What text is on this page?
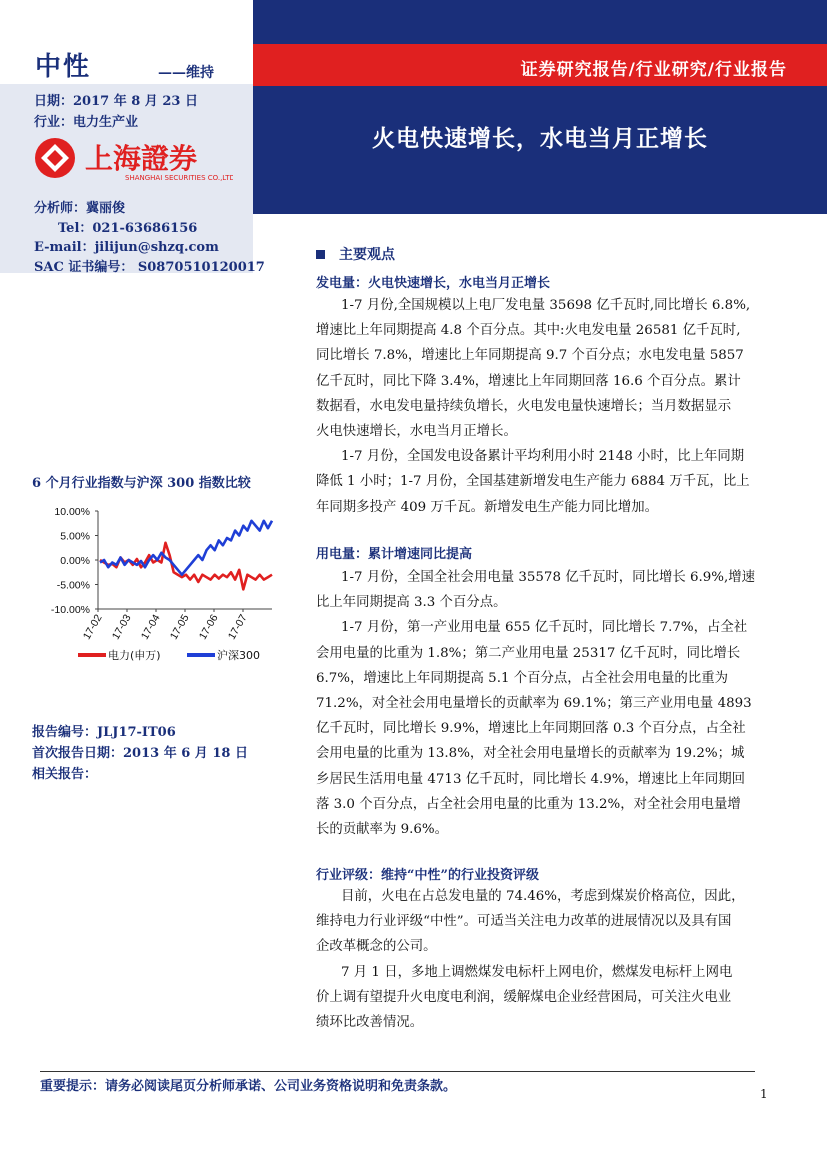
中性	——维持
日期：2017 年 8 月 23 日
行业：电力生产业
上海證券
SHANGHAI SECURITIES CO.,LTD.
分析师：冀丽俊
Tel：021-63686156
E-mail：jilijun@shzq.com
SAC 证书编号： S0870510120017
证券研究报告/行业研究/行业报告
火电快速增长，水电当月正增长
主要观点
发电量：火电快速增长，水电当月正增长
1-7 月份,全国规模以上电厂发电量 35698 亿千瓦时,同比增长 6.8%,
增速比上年同期提高 4.8 个百分点。其中:火电发电量 26581 亿千瓦时,
同比增长 7.8%，增速比上年同期提高 9.7 个百分点；水电发电量 5857
亿千瓦时，同比下降 3.4%，增速比上年同期回落 16.6 个百分点。累计
数据看，水电发电量持续负增长，火电发电量快速增长；当月数据显示
火电快速增长，水电当月正增长。
1-7 月份，全国发电设备累计平均利用小时 2148 小时，比上年同期
降低 1 小时；1-7 月份，全国基建新增发电生产能力 6884 万千瓦，比上
年同期多投产 409 万千瓦。新增发电生产能力同比增加。
用电量：累计增速同比提高
1-7 月份，全国全社会用电量 35578 亿千瓦时，同比增长 6.9%,增速
比上年同期提高 3.3 个百分点。
1-7 月份，第一产业用电量 655 亿千瓦时，同比增长 7.7%，占全社
会用电量的比重为 1.8%；第二产业用电量 25317 亿千瓦时，同比增长
6.7%，增速比上年同期提高 5.1 个百分点，占全社会用电量的比重为
71.2%，对全社会用电量增长的贡献率为 69.1%；第三产业用电量 4893
亿千瓦时，同比增长 9.9%，增速比上年同期回落 0.3 个百分点，占全社
会用电量的比重为 13.8%，对全社会用电量增长的贡献率为 19.2%；城
乡居民生活用电量 4713 亿千瓦时，同比增长 4.9%，增速比上年同期回
落 3.0 个百分点，占全社会用电量的比重为 13.2%，对全社会用电量增
长的贡献率为 9.6%。
行业评级：维持“中性”的行业投资评级
目前，火电在占总发电量的 74.46%，考虑到煤炭价格高位，因此，
维持电力行业评级“中性”。可适当关注电力改革的进展情况以及具有国
企改革概念的公司。
7 月 1 日，多地上调燃煤发电标杆上网电价，燃煤发电标杆上网电
价上调有望提升火电度电利润，缓解煤电企业经营困局，可关注火电业
绩环比改善情况。
6 个月行业指数与沪深 300 指数比较
10.00%
5.00%
0.00%
-5.00%
-10.00%
17-02 17-03 17-04 17-05 17-06 17-07
电力(申万)	沪深300
报告编号：JLJ17-IT06
首次报告日期：2013 年 6 月 18 日
相关报告：
重要提示：请务必阅读尾页分析师承诺、公司业务资格说明和免责条款。	1
